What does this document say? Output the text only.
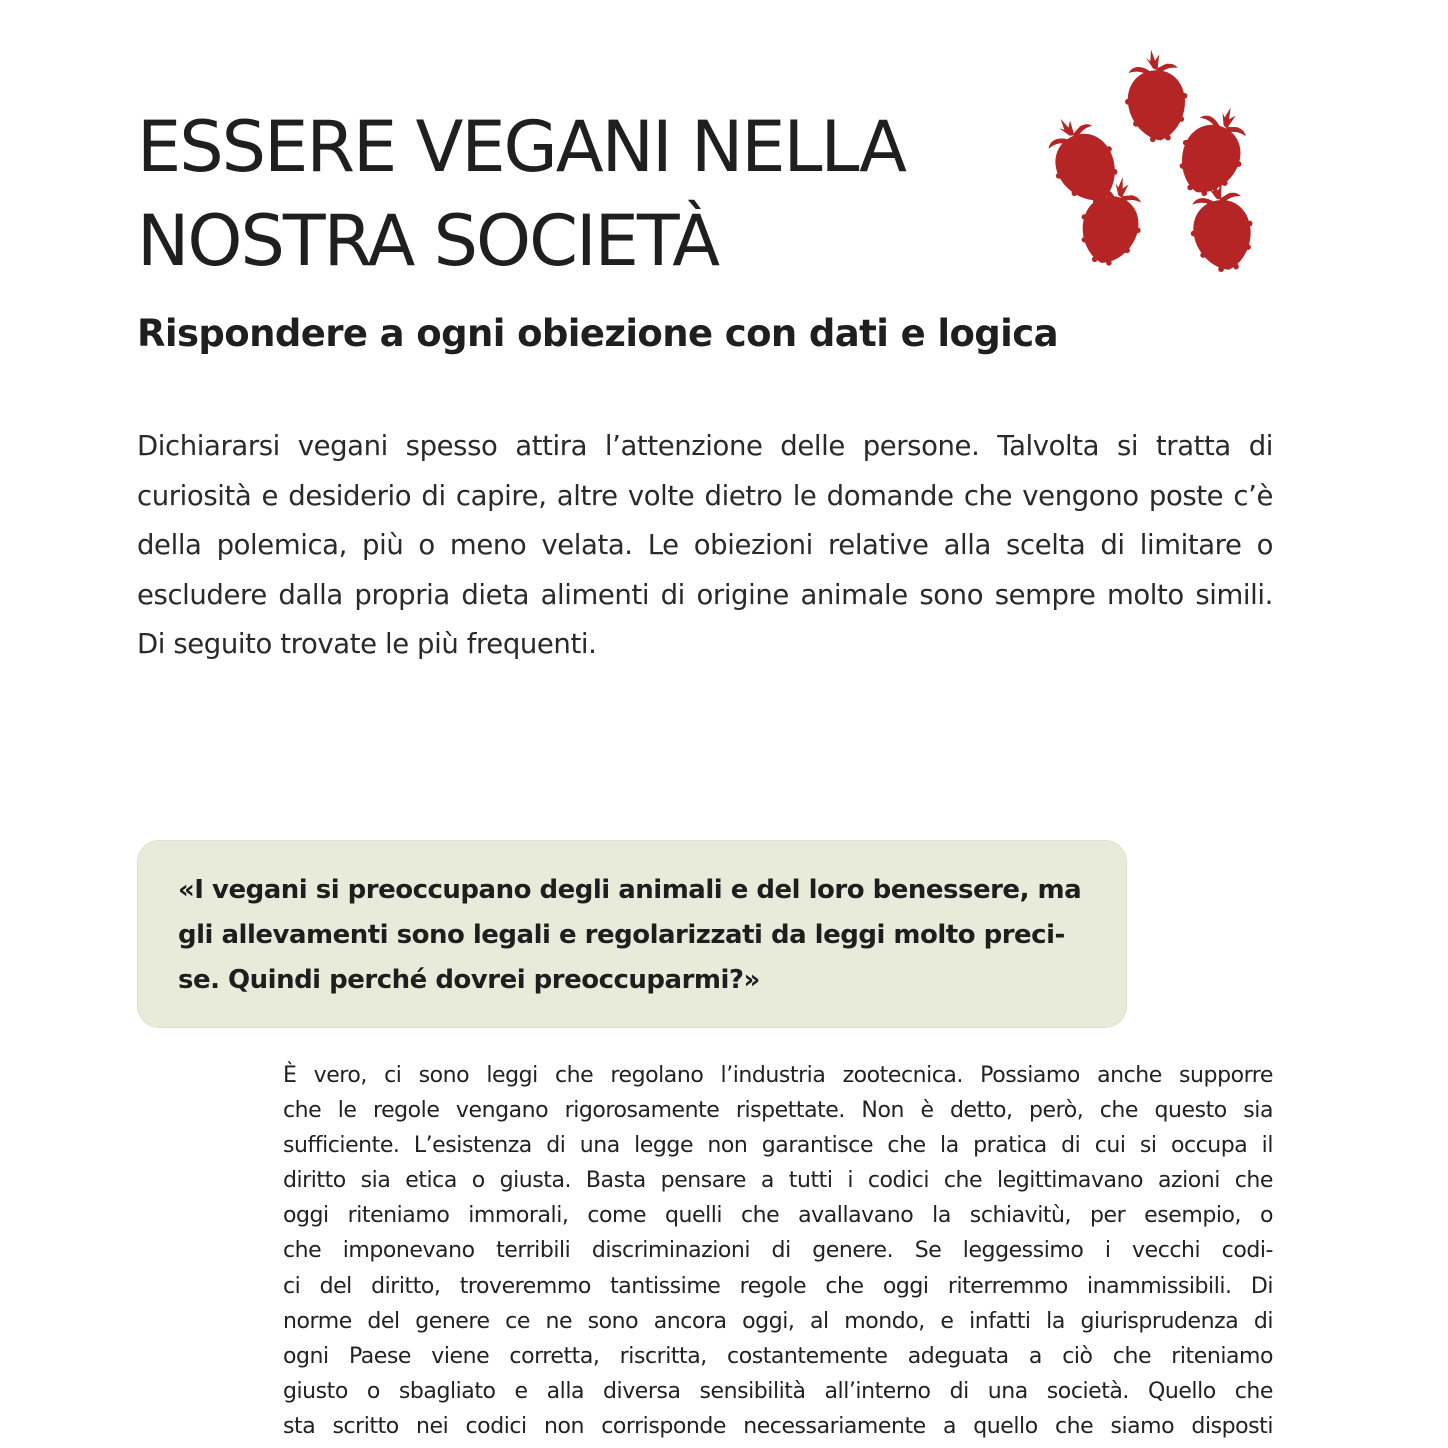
ESSERE VEGANI NELLA
NOSTRA SOCIETÀ
Rispondere a ogni obiezione con dati e logica

Dichiararsi vegani spesso attira l’attenzione delle persone. Talvolta si tratta di curiosità e desiderio di capire, altre volte dietro le domande che vengono poste c’è della polemica, più o meno velata. Le obiezioni relative alla scelta di limitare o escludere dalla propria dieta alimenti di origine animale sono sempre molto simili. Di seguito trovate le più frequenti.

«I vegani si preoccupano degli animali e del loro benessere, ma
gli allevamenti sono legali e regolarizzati da leggi molto preci-
se. Quindi perché dovrei preoccuparmi?»

È vero, ci sono leggi che regolano l’industria zootecnica. Possiamo anche supporre
che le regole vengano rigorosamente rispettate. Non è detto, però, che questo sia
sufficiente. L’esistenza di una legge non garantisce che la pratica di cui si occupa il
diritto sia etica o giusta. Basta pensare a tutti i codici che legittimavano azioni che
oggi riteniamo immorali, come quelli che avallavano la schiavitù, per esempio, o
che imponevano terribili discriminazioni di genere. Se leggessimo i vecchi codi-
ci del diritto, troveremmo tantissime regole che oggi riterremmo inammissibili. Di
norme del genere ce ne sono ancora oggi, al mondo, e infatti la giurisprudenza di
ogni Paese viene corretta, riscritta, costantemente adeguata a ciò che riteniamo
giusto o sbagliato e alla diversa sensibilità all’interno di una società. Quello che
sta scritto nei codici non corrisponde necessariamente a quello che siamo disposti
